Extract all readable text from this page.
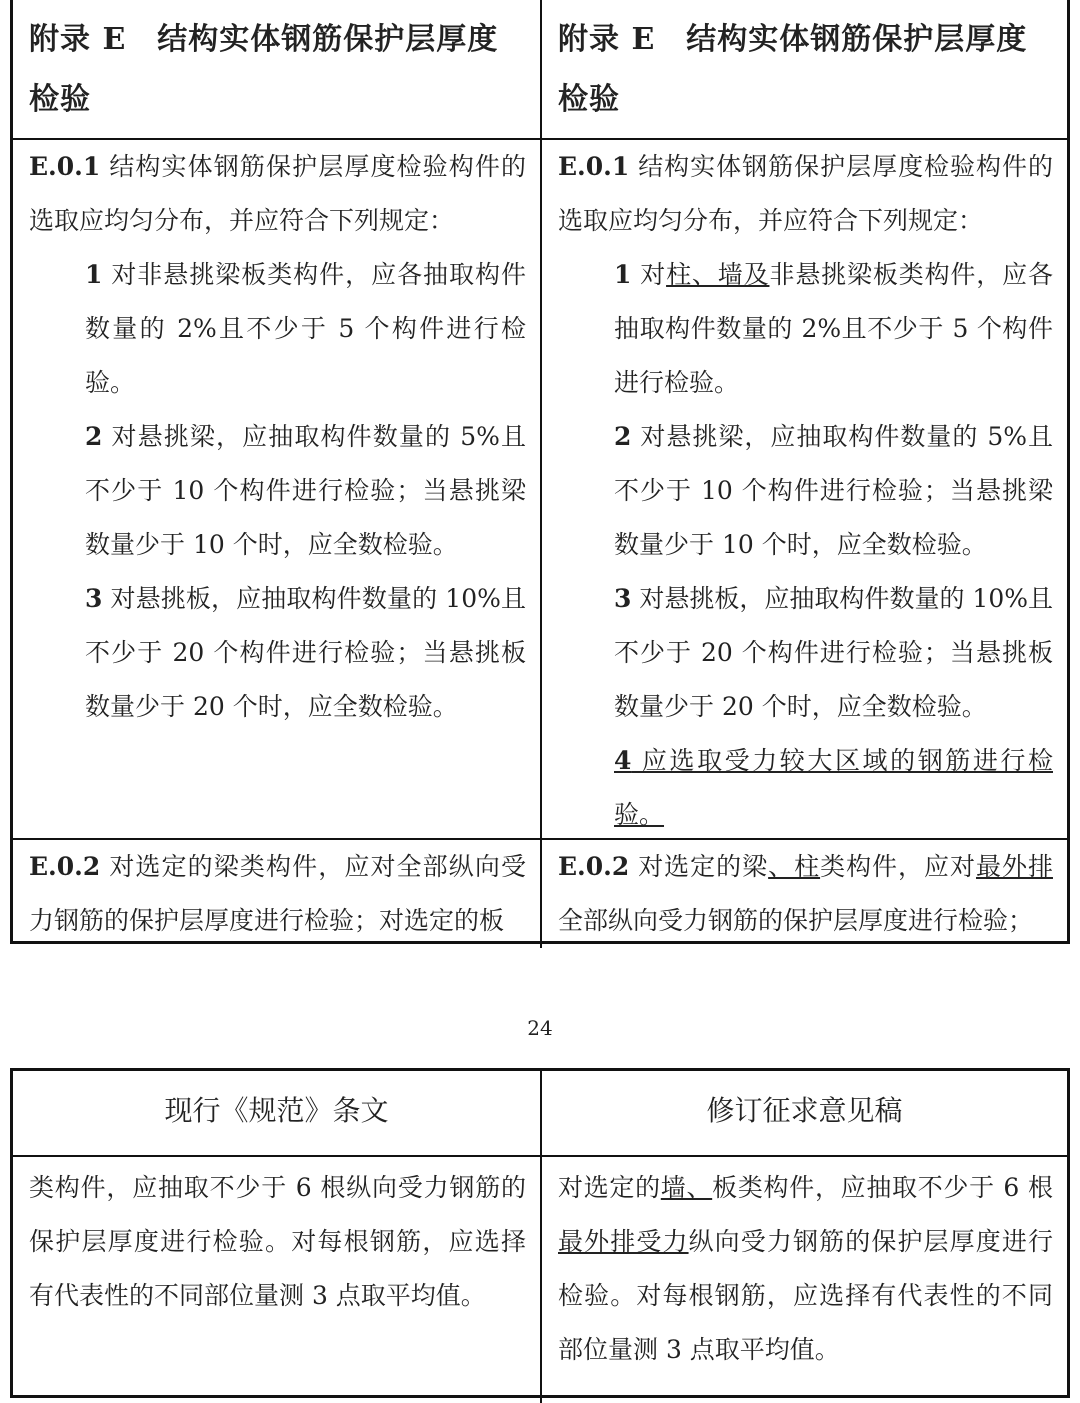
附录 E　结构实体钢筋保护层厚度检验
附录 E　结构实体钢筋保护层厚度检验

E.0.1 结构实体钢筋保护层厚度检验构件的选取应均匀分布，并应符合下列规定：

1 对非悬挑梁板类构件，应各抽取构件数量的 2%且不少于 5 个构件进行检验。

2 对悬挑梁，应抽取构件数量的 5%且不少于 10 个构件进行检验；当悬挑梁数量少于 10 个时，应全数检验。

3 对悬挑板，应抽取构件数量的 10%且不少于 20 个构件进行检验；当悬挑板数量少于 20 个时，应全数检验。

E.0.1 结构实体钢筋保护层厚度检验构件的选取应均匀分布，并应符合下列规定：

1 对柱、墙及非悬挑梁板类构件，应各抽取构件数量的 2%且不少于 5 个构件进行检验。

2 对悬挑梁，应抽取构件数量的 5%且不少于 10 个构件进行检验；当悬挑梁数量少于 10 个时，应全数检验。

3 对悬挑板，应抽取构件数量的 10%且不少于 20 个构件进行检验；当悬挑板数量少于 20 个时，应全数检验。

4 应选取受力较大区域的钢筋进行检验。

E.0.2 对选定的梁类构件，应对全部纵向受力钢筋的保护层厚度进行检验；对选定的板

E.0.2 对选定的梁、柱类构件，应对最外排全部纵向受力钢筋的保护层厚度进行检验；

24
现行《规范》条文	修订征求意见稿

类构件，应抽取不少于 6 根纵向受力钢筋的保护层厚度进行检验。对每根钢筋，应选择有代表性的不同部位量测 3 点取平均值。

对选定的墙、板类构件，应抽取不少于 6 根最外排受力纵向受力钢筋的保护层厚度进行检验。对每根钢筋，应选择有代表性的不同部位量测 3 点取平均值。
